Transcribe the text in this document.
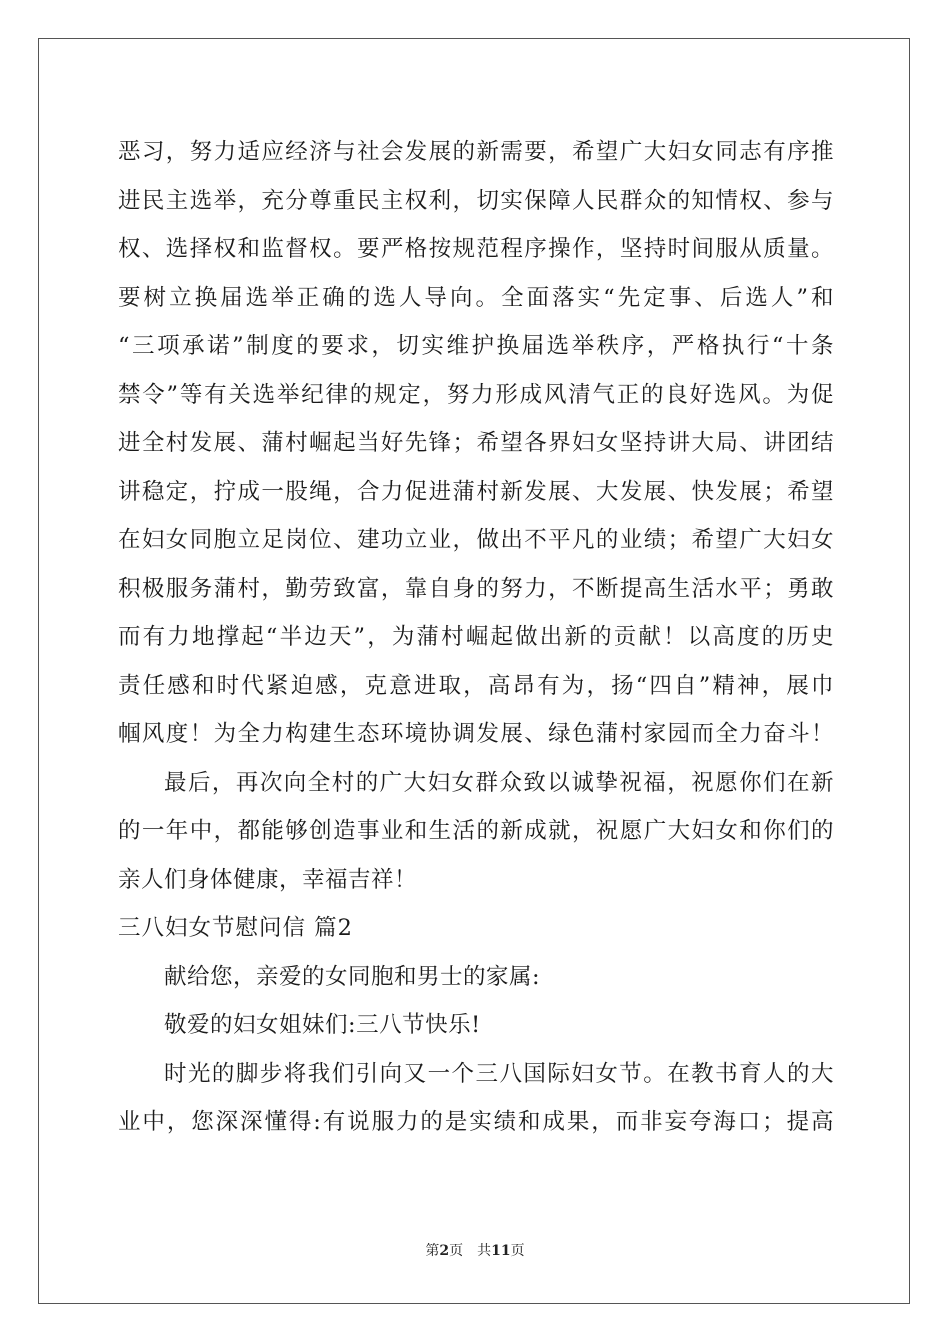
恶习，努力适应经济与社会发展的新需要，希望广大妇女同志有序推
进民主选举，充分尊重民主权利，切实保障人民群众的知情权、参与
权、选择权和监督权。要严格按规范程序操作，坚持时间服从质量。
要树立换届选举正确的选人导向。全面落实“先定事、后选人”和
“三项承诺”制度的要求，切实维护换届选举秩序，严格执行“十条
禁令”等有关选举纪律的规定，努力形成风清气正的良好选风。为促
进全村发展、蒲村崛起当好先锋；希望各界妇女坚持讲大局、讲团结
讲稳定，拧成一股绳，合力促进蒲村新发展、大发展、快发展；希望
在妇女同胞立足岗位、建功立业，做出不平凡的业绩；希望广大妇女
积极服务蒲村，勤劳致富，靠自身的努力，不断提高生活水平；勇敢
而有力地撑起“半边天”，为蒲村崛起做出新的贡献！以高度的历史
责任感和时代紧迫感，克意进取，高昂有为，扬“四自”精神，展巾
帼风度！为全力构建生态环境协调发展、绿色蒲村家园而全力奋斗！
最后，再次向全村的广大妇女群众致以诚挚祝福，祝愿你们在新
的一年中，都能够创造事业和生活的新成就，祝愿广大妇女和你们的
亲人们身体健康，幸福吉祥！
三八妇女节慰问信 篇2
献给您，亲爱的女同胞和男士的家属:
敬爱的妇女姐妹们:三八节快乐!
时光的脚步将我们引向又一个三八国际妇女节。在教书育人的大
业中，您深深懂得:有说服力的是实绩和成果，而非妄夸海口；提高
第2页　共11页
